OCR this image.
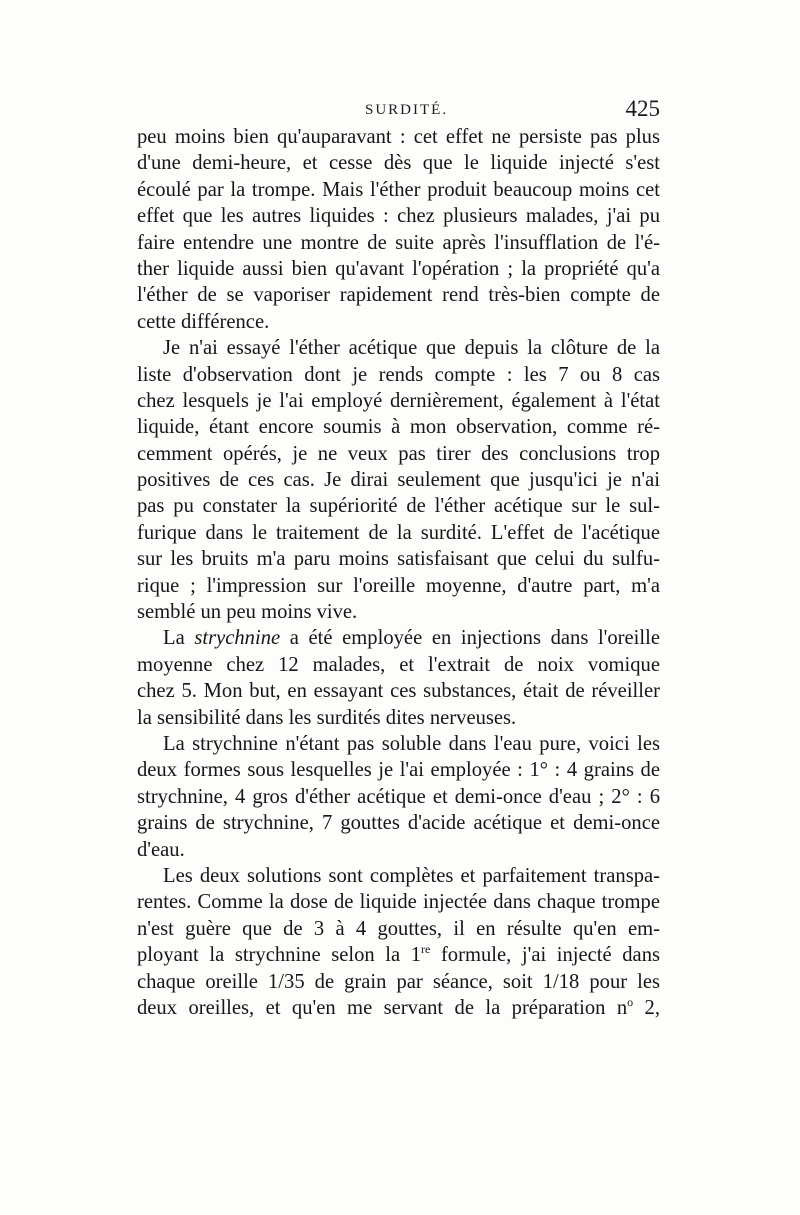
SURDITÉ.	425
peu moins bien qu'auparavant : cet effet ne persiste pas plus
d'une demi-heure, et cesse dès que le liquide injecté s'est
écoulé par la trompe. Mais l'éther produit beaucoup moins cet
effet que les autres liquides : chez plusieurs malades, j'ai pu
faire entendre une montre de suite après l'insufflation de l'é-
ther liquide aussi bien qu'avant l'opération ; la propriété qu'a
l'éther de se vaporiser rapidement rend très-bien compte de
cette différence.
Je n'ai essayé l'éther acétique que depuis la clôture de la
liste d'observation dont je rends compte : les 7 ou 8 cas
chez lesquels je l'ai employé dernièrement, également à l'état
liquide, étant encore soumis à mon observation, comme ré-
cemment opérés, je ne veux pas tirer des conclusions trop
positives de ces cas. Je dirai seulement que jusqu'ici je n'ai
pas pu constater la supériorité de l'éther acétique sur le sul-
furique dans le traitement de la surdité. L'effet de l'acétique
sur les bruits m'a paru moins satisfaisant que celui du sulfu-
rique ; l'impression sur l'oreille moyenne, d'autre part, m'a
semblé un peu moins vive.
La strychnine a été employée en injections dans l'oreille
moyenne chez 12 malades, et l'extrait de noix vomique
chez 5. Mon but, en essayant ces substances, était de réveiller
la sensibilité dans les surdités dites nerveuses.
La strychnine n'étant pas soluble dans l'eau pure, voici les
deux formes sous lesquelles je l'ai employée : 1° : 4 grains de
strychnine, 4 gros d'éther acétique et demi-once d'eau ; 2° : 6
grains de strychnine, 7 gouttes d'acide acétique et demi-once
d'eau.
Les deux solutions sont complètes et parfaitement transpa-
rentes. Comme la dose de liquide injectée dans chaque trompe
n'est guère que de 3 à 4 gouttes, il en résulte qu'en em-
ployant la strychnine selon la 1re formule, j'ai injecté dans
chaque oreille 1/35 de grain par séance, soit 1/18 pour les
deux oreilles, et qu'en me servant de la préparation $n^o$ 2,
